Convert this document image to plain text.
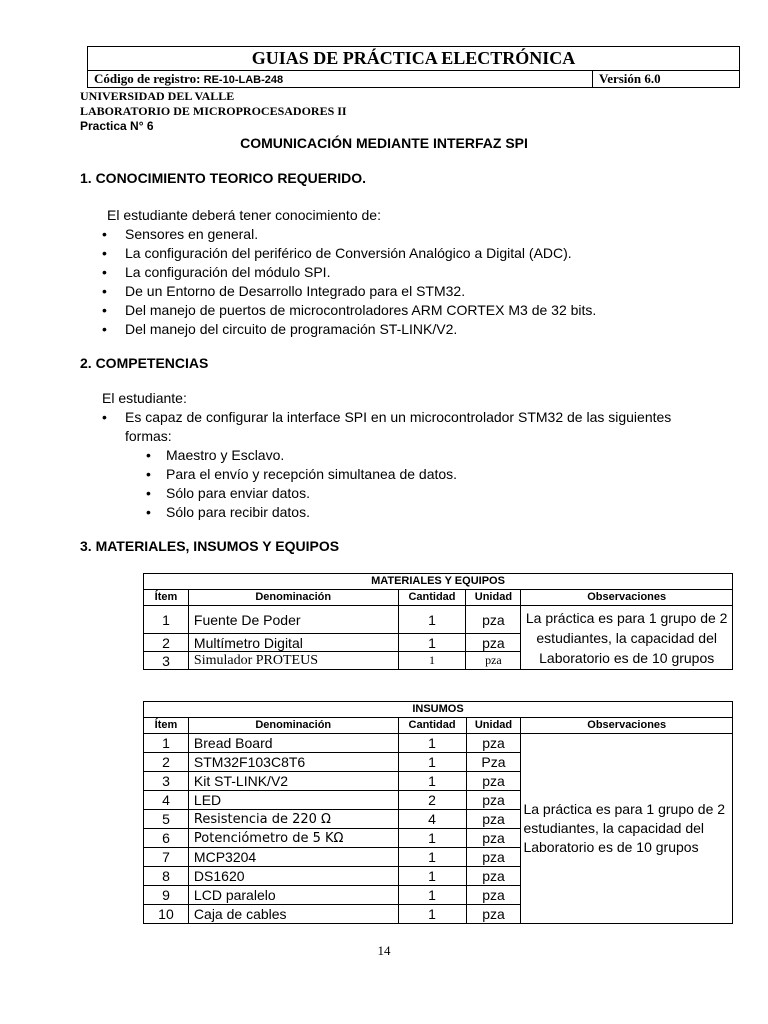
GUIAS DE PRÁCTICA ELECTRÓNICA
Código de registro: RE-10-LAB-248	Versión 6.0
UNIVERSIDAD DEL VALLE
LABORATORIO DE MICROPROCESADORES II
Practica N° 6
COMUNICACIÓN MEDIANTE INTERFAZ SPI
1. CONOCIMIENTO TEORICO REQUERIDO.
El estudiante deberá tener conocimiento de:
• Sensores en general.
• La configuración del periférico de Conversión Analógico a Digital (ADC).
• La configuración del módulo SPI.
• De un Entorno de Desarrollo Integrado para el STM32.
• Del manejo de puertos de microcontroladores ARM CORTEX M3 de 32 bits.
• Del manejo del circuito de programación ST-LINK/V2.
2. COMPETENCIAS
El estudiante:
• Es capaz de configurar la interface SPI en un microcontrolador STM32 de las siguientes
formas:
• Maestro y Esclavo.
• Para el envío y recepción simultanea de datos.
• Sólo para enviar datos.
• Sólo para recibir datos.
3. MATERIALES, INSUMOS Y EQUIPOS
MATERIALES Y EQUIPOS				
Ítem	Denominación	Cantidad	Unidad	Observaciones
1	Fuente De Poder	1	pza	La práctica es para 1 grupo de 2 estudiantes, la capacidad del Laboratorio es de 10 grupos
2	Multímetro Digital	1	pza	
3	Simulador PROTEUS	1	pza	
INSUMOS				
Ítem	Denominación	Cantidad	Unidad	Observaciones
1	Bread Board	1	pza	La práctica es para 1 grupo de 2 estudiantes, la capacidad del Laboratorio es de 10 grupos
2	STM32F103C8T6	1	Pza	
3	Kit ST-LINK/V2	1	pza	
4	LED	2	pza	
5	Resistencia de 220 Ω	4	pza	
6	Potenciómetro de 5 KΩ	1	pza	
7	MCP3204	1	pza	
8	DS1620	1	pza	
9	LCD paralelo	1	pza	
10	Caja de cables	1	pza	
14
